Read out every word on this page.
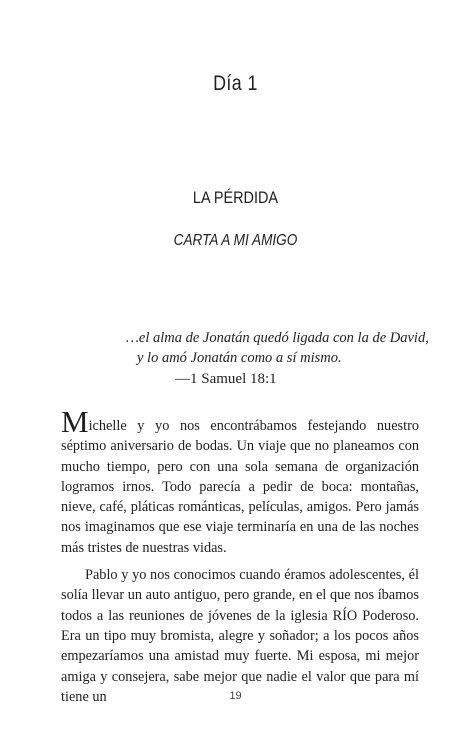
Día 1
LA PÉRDIDA
CARTA A MI AMIGO
…el alma de Jonatán quedó ligada con la de David,
y lo amó Jonatán como a sí mismo.
—1 Samuel 18:1

Michelle y yo nos encontrábamos festejando nuestro séptimo aniversario de bodas. Un viaje que no planeamos con mucho tiempo, pero con una sola semana de organización logramos irnos. Todo parecía a pedir de boca: montañas, nieve, café, pláticas románticas, películas, amigos. Pero jamás nos imaginamos que ese viaje terminaría en una de las noches más tristes de nuestras vidas.

Pablo y yo nos conocimos cuando éramos adolescentes, él solía llevar un auto antiguo, pero grande, en el que nos íbamos todos a las reuniones de jóvenes de la iglesia RÍO Poderoso. Era un tipo muy bromista, alegre y soñador; a los pocos años empezaríamos una amistad muy fuerte. Mi esposa, mi mejor amiga y consejera, sabe mejor que nadie el valor que para mí tiene un	19
